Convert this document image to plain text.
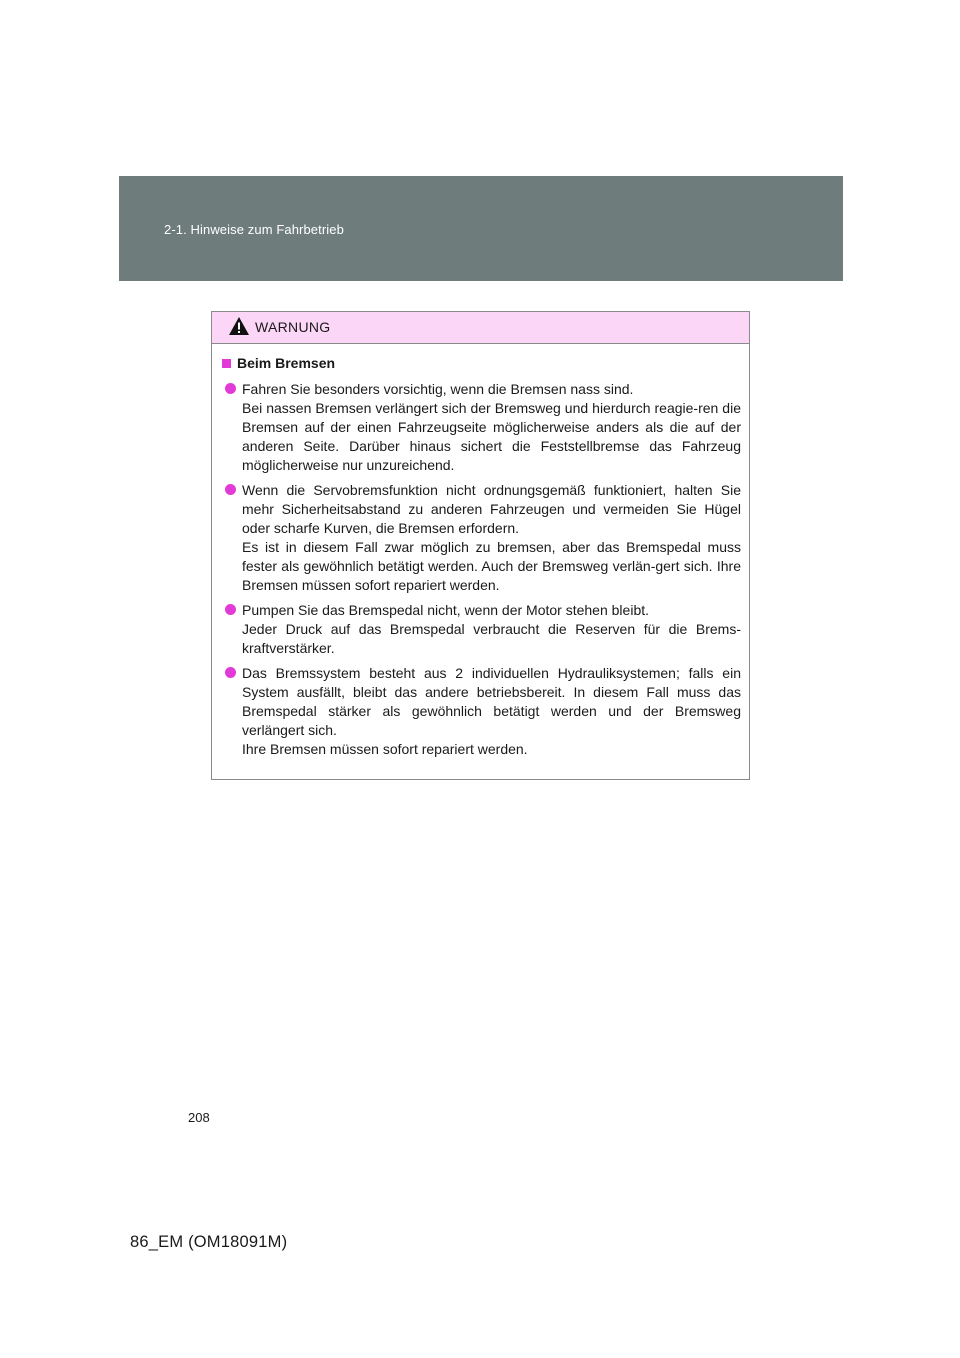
2-1. Hinweise zum Fahrbetrieb
WARNUNG
Beim Bremsen

Fahren Sie besonders vorsichtig, wenn die Bremsen nass sind.

Bei nassen Bremsen verlängert sich der Bremsweg und hierdurch reagie-ren die Bremsen auf der einen Fahrzeugseite möglicherweise anders als die auf der anderen Seite. Darüber hinaus sichert die Feststellbremse das Fahrzeug möglicherweise nur unzureichend.

Wenn die Servobremsfunktion nicht ordnungsgemäß funktioniert, halten Sie mehr Sicherheitsabstand zu anderen Fahrzeugen und vermeiden Sie Hügel oder scharfe Kurven, die Bremsen erfordern.

Es ist in diesem Fall zwar möglich zu bremsen, aber das Bremspedal muss fester als gewöhnlich betätigt werden. Auch der Bremsweg verlän-gert sich. Ihre Bremsen müssen sofort repariert werden.

Pumpen Sie das Bremspedal nicht, wenn der Motor stehen bleibt.

Jeder Druck auf das Bremspedal verbraucht die Reserven für die Brems-kraftverstärker.

Das Bremssystem besteht aus 2 individuellen Hydrauliksystemen; falls ein System ausfällt, bleibt das andere betriebsbereit. In diesem Fall muss das Bremspedal stärker als gewöhnlich betätigt werden und der Bremsweg verlängert sich.

Ihre Bremsen müssen sofort repariert werden.

208
86_EM (OM18091M)
